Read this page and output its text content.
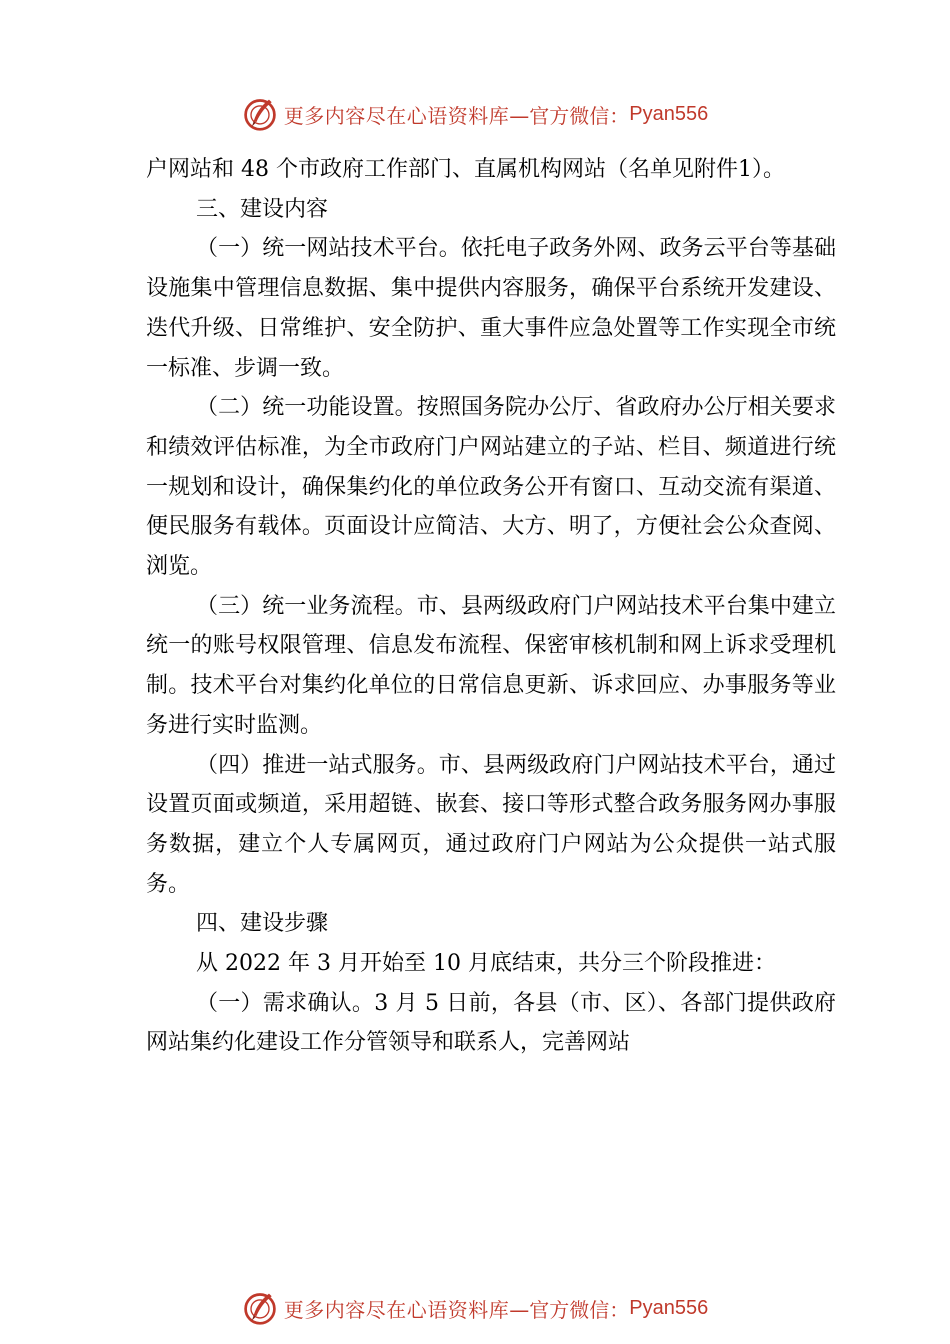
更多内容尽在心语资料库 —官方微信： Pyan556

户网站和 48 个市政府工作部门、直属机构网站（名单见附件1）。

三、建设内容

（一）统一网站技术平台。依托电子政务外网、政务云平台等基础设施集中管理信息数据、集中提供内容服务，确保平台系统开发建设、迭代升级、日常维护、安全防护、重大事件应急处置等工作实现全市统一标准、步调一致。

（二）统一功能设置。按照国务院办公厅、省政府办公厅相关要求和绩效评估标准，为全市政府门户网站建立的子站、栏目、频道进行统一规划和设计，确保集约化的单位政务公开有窗口、互动交流有渠道、便民服务有载体。页面设计应简洁、大方、明了，方便社会公众查阅、浏览。

（三）统一业务流程。市、县两级政府门户网站技术平台集中建立统一的账号权限管理、信息发布流程、保密审核机制和网上诉求受理机制。技术平台对集约化单位的日常信息更新、诉求回应、办事服务等业务进行实时监测。

（四）推进一站式服务。市、县两级政府门户网站技术平台，通过设置页面或频道，采用超链、嵌套、接口等形式整合政务服务网办事服务数据，建立个人专属网页，通过政府门户网站为公众提供一站式服务。

四、建设步骤

从 2022 年 3 月开始至 10 月底结束，共分三个阶段推进：

（一）需求确认。3 月 5 日前，各县（市、区）、各部门提供政府网站集约化建设工作分管领导和联系人，完善网站

更多内容尽在心语资料库 —官方微信： Pyan556
